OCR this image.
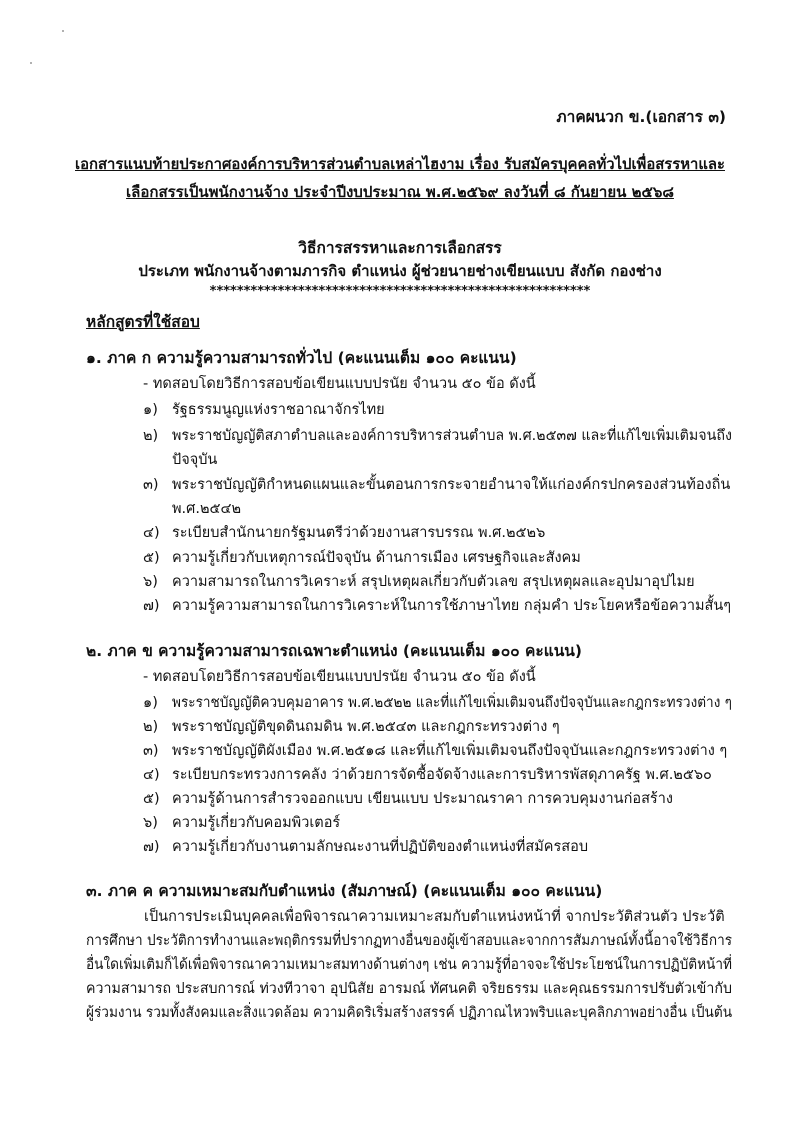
ภาคผนวก ข.(เอกสาร ๓)
เอกสารแนบท้ายประกาศองค์การบริหารส่วนตำบลเหล่าไฮงาม เรื่อง รับสมัครบุคคลทั่วไปเพื่อสรรหาและ
เลือกสรรเป็นพนักงานจ้าง ประจำปีงบประมาณ พ.ศ.๒๕๖๙ ลงวันที่ ๘ กันยายน ๒๕๖๘
วิธีการสรรหาและการเลือกสรร
ประเภท พนักงานจ้างตามภารกิจ ตำแหน่ง ผู้ช่วยนายช่างเขียนแบบ สังกัด กองช่าง
********************************************************
หลักสูตรที่ใช้สอบ
๑. ภาค ก ความรู้ความสามารถทั่วไป (คะแนนเต็ม ๑๐๐ คะแนน)
- ทดสอบโดยวิธีการสอบข้อเขียนแบบปรนัย จำนวน ๕๐ ข้อ ดังนี้
๑) รัฐธรรมนูญแห่งราชอาณาจักรไทย
๒) พระราชบัญญัติสภาตำบลและองค์การบริหารส่วนตำบล พ.ศ.๒๕๓๗ และที่แก้ไขเพิ่มเติมจนถึง
ปัจจุบัน
๓) พระราชบัญญัติกำหนดแผนและขั้นตอนการกระจายอำนาจให้แก่องค์กรปกครองส่วนท้องถิ่น
พ.ศ.๒๕๔๒
๔) ระเบียบสำนักนายกรัฐมนตรีว่าด้วยงานสารบรรณ พ.ศ.๒๕๒๖
๕) ความรู้เกี่ยวกับเหตุการณ์ปัจจุบัน ด้านการเมือง เศรษฐกิจและสังคม
๖) ความสามารถในการวิเคราะห์ สรุปเหตุผลเกี่ยวกับตัวเลข สรุปเหตุผลและอุปมาอุปไมย
๗) ความรู้ความสามารถในการวิเคราะห์ในการใช้ภาษาไทย กลุ่มคำ ประโยคหรือข้อความสั้นๆ
๒. ภาค ข ความรู้ความสามารถเฉพาะตำแหน่ง (คะแนนเต็ม ๑๐๐ คะแนน)
- ทดสอบโดยวิธีการสอบข้อเขียนแบบปรนัย จำนวน ๕๐ ข้อ ดังนี้
๑) พระราชบัญญัติควบคุมอาคาร พ.ศ.๒๕๒๒ และที่แก้ไขเพิ่มเติมจนถึงปัจจุบันและกฎกระทรวงต่าง ๆ
๒) พระราชบัญญัติขุดดินถมดิน พ.ศ.๒๕๔๓ และกฎกระทรวงต่าง ๆ
๓) พระราชบัญญัติผังเมือง พ.ศ.๒๕๑๘ และที่แก้ไขเพิ่มเติมจนถึงปัจจุบันและกฎกระทรวงต่าง ๆ
๔) ระเบียบกระทรวงการคลัง ว่าด้วยการจัดซื้อจัดจ้างและการบริหารพัสดุภาครัฐ พ.ศ.๒๕๖๐
๕) ความรู้ด้านการสำรวจออกแบบ เขียนแบบ ประมาณราคา การควบคุมงานก่อสร้าง
๖) ความรู้เกี่ยวกับคอมพิวเตอร์
๗) ความรู้เกี่ยวกับงานตามลักษณะงานที่ปฏิบัติของตำแหน่งที่สมัครสอบ
๓. ภาค ค ความเหมาะสมกับตำแหน่ง (สัมภาษณ์) (คะแนนเต็ม ๑๐๐ คะแนน)
เป็นการประเมินบุคคลเพื่อพิจารณาความเหมาะสมกับตำแหน่งหน้าที่ จากประวัติส่วนตัว ประวัติ
การศึกษา ประวัติการทำงานและพฤติกรรมที่ปรากฏทางอื่นของผู้เข้าสอบและจากการสัมภาษณ์ทั้งนี้อาจใช้วิธีการ
อื่นใดเพิ่มเติมก็ได้เพื่อพิจารณาความเหมาะสมทางด้านต่างๆ เช่น ความรู้ที่อาจจะใช้ประโยชน์ในการปฏิบัติหน้าที่
ความสามารถ ประสบการณ์ ท่วงทีวาจา อุปนิสัย อารมณ์ ทัศนคติ จริยธรรม และคุณธรรมการปรับตัวเข้ากับ
ผู้ร่วมงาน รวมทั้งสังคมและสิ่งแวดล้อม ความคิดริเริ่มสร้างสรรค์ ปฏิภาณไหวพริบและบุคลิกภาพอย่างอื่น เป็นต้น
